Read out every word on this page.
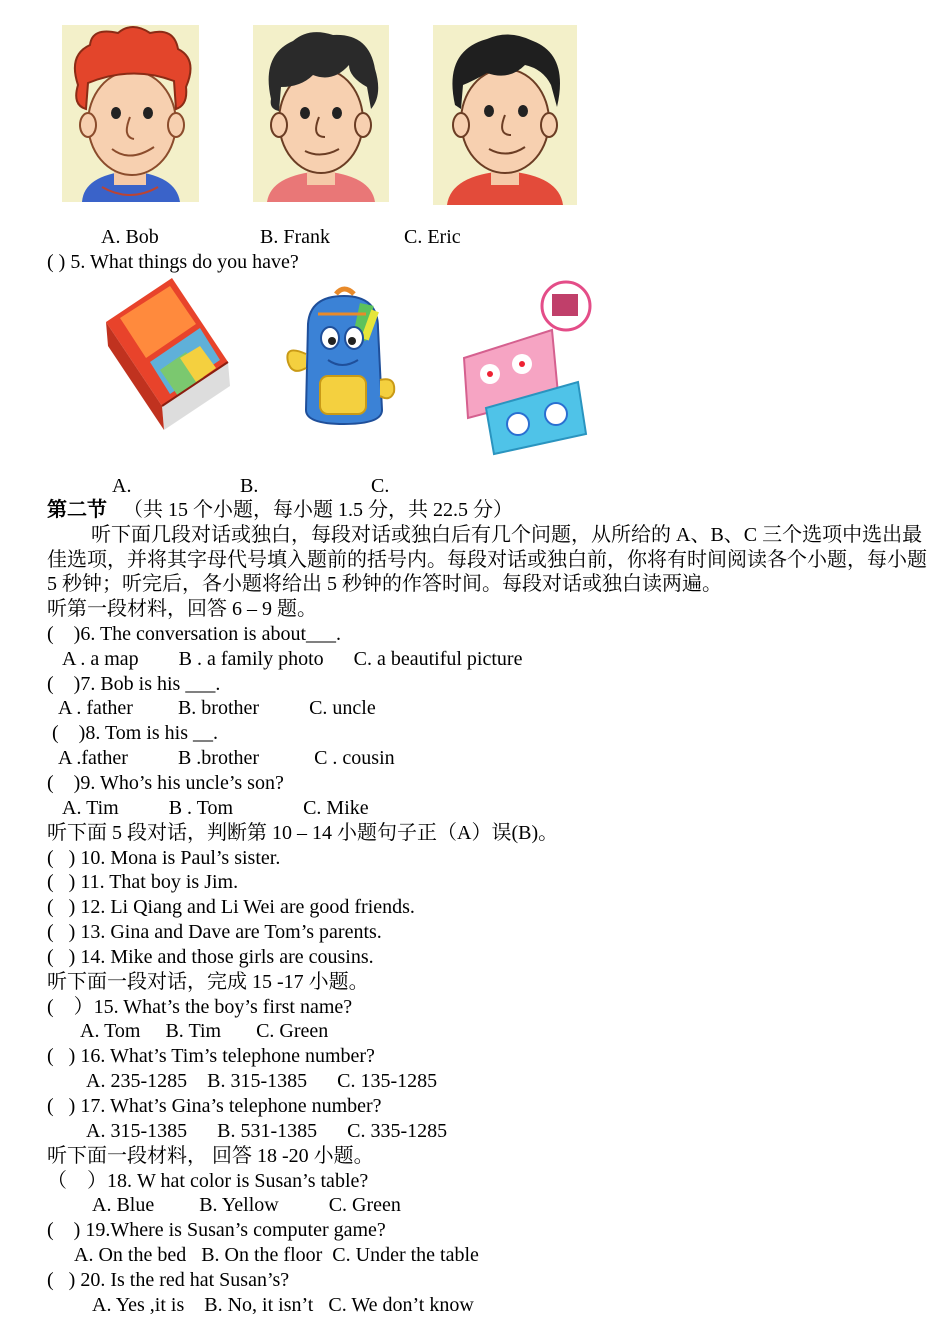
A. Bob	B. Frank	C. Eric
( ) 5. What things do you have?
A.	B.	C.
第二节 （共 15 个小题，每小题 1.5 分，共 22.5 分）
听下面几段对话或独白，每段对话或独白后有几个问题，从所给的 A、B、C 三个选项中选出最佳选项，并将其字母代号填入题前的括号内。每段对话或独白前，你将有时间阅读各个小题，每小题 5 秒钟；听完后，各小题将给出 5 秒钟的作答时间。每段对话或独白读两遍。
听第一段材料，回答 6 – 9 题。
(    )6. The conversation is about___.
A . a map        B . a family photo      C. a beautiful picture
(    )7. Bob is his ___.
A . father         B. brother          C. uncle
(    )8. Tom is his __.
A .father          B .brother           C . cousin
(    )9. Who’s his uncle’s son?
A. Tim          B . Tom              C. Mike
听下面 5 段对话，判断第 10 – 14 小题句子正（A）误(B)。
(   ) 10. Mona is Paul’s sister.
(   ) 11. That boy is Jim.
(   ) 12. Li Qiang and Li Wei are good friends.
(   ) 13. Gina and Dave are Tom’s parents.
(   ) 14. Mike and those girls are cousins.
听下面一段对话，完成 15 -17 小题。
(    ）15. What’s the boy’s first name?
A. Tom     B. Tim       C. Green
(   ) 16. What’s Tim’s telephone number?
A. 235-1285    B. 315-1385      C. 135-1285
(   ) 17. What’s Gina’s telephone number?
A. 315-1385      B. 531-1385      C. 335-1285
听下面一段材料， 回答 18 -20 小题。
（    ）18. W hat color is Susan’s table?
A. Blue         B. Yellow          C. Green
(    ) 19.Where is Susan’s computer game?
A. On the bed   B. On the floor  C. Under the table
(   ) 20. Is the red hat Susan’s?
A. Yes ,it is    B. No, it isn’t   C. We don’t know
